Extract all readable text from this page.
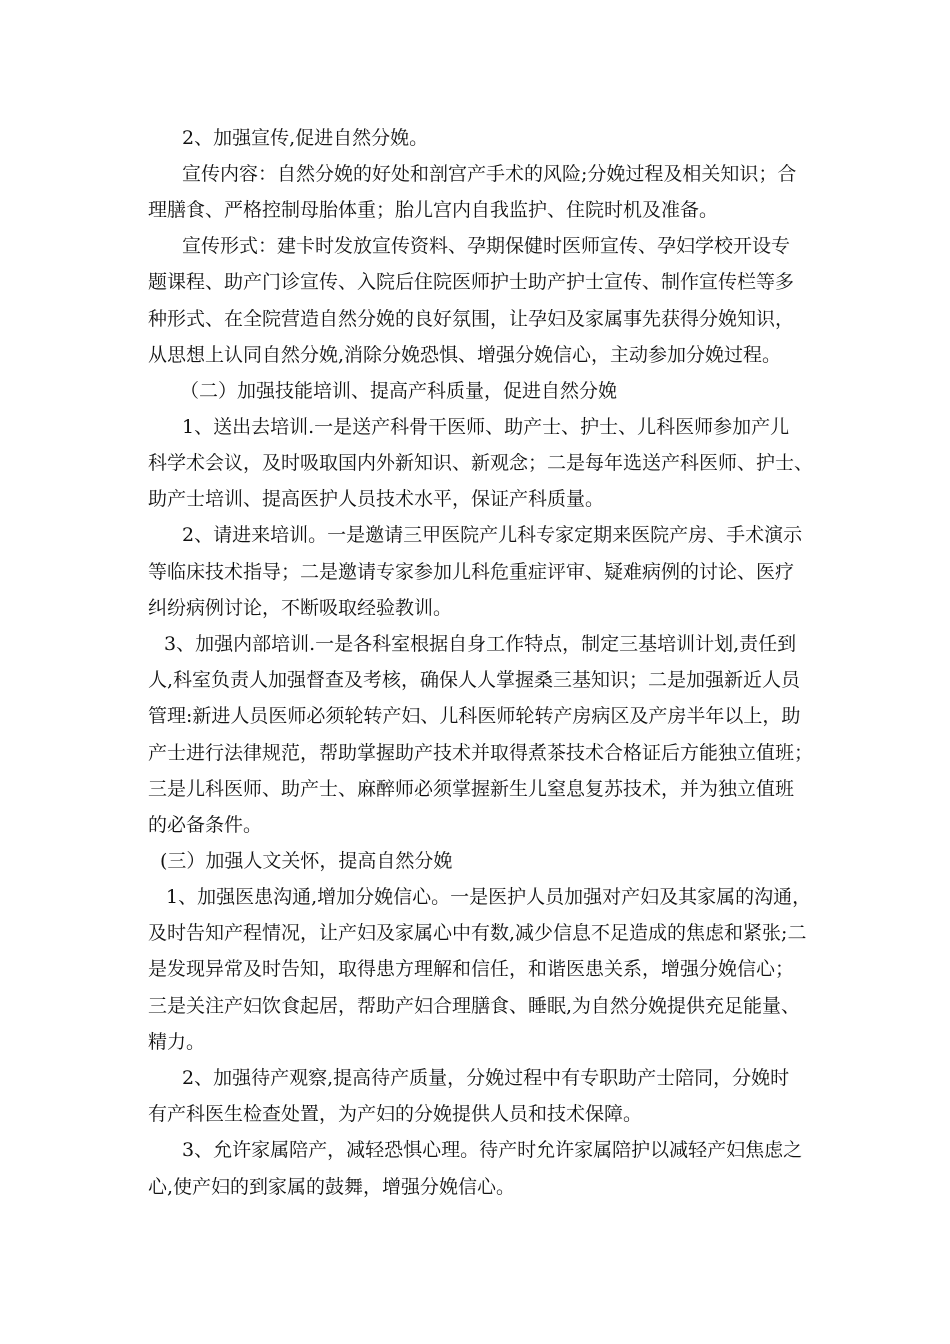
2、加强宣传,促进自然分娩。
宣传内容：自然分娩的好处和剖宫产手术的风险;分娩过程及相关知识；合
理膳食、严格控制母胎体重；胎儿宫内自我监护、住院时机及准备。
宣传形式：建卡时发放宣传资料、孕期保健时医师宣传、孕妇学校开设专
题课程、助产门诊宣传、入院后住院医师护士助产护士宣传、制作宣传栏等多
种形式、在全院营造自然分娩的良好氛围，让孕妇及家属事先获得分娩知识，
从思想上认同自然分娩,消除分娩恐惧、增强分娩信心，主动参加分娩过程。
（二）加强技能培训、提高产科质量，促进自然分娩
1、送出去培训.一是送产科骨干医师、助产士、护士、儿科医师参加产儿
科学术会议，及时吸取国内外新知识、新观念；二是每年选送产科医师、护士、
助产士培训、提高医护人员技术水平，保证产科质量。
2、请进来培训。一是邀请三甲医院产儿科专家定期来医院产房、手术演示
等临床技术指导；二是邀请专家参加儿科危重症评审、疑难病例的讨论、医疗
纠纷病例讨论，不断吸取经验教训。
3、加强内部培训.一是各科室根据自身工作特点，制定三基培训计划,责任到
人,科室负责人加强督查及考核，确保人人掌握桑三基知识；二是加强新近人员
管理:新进人员医师必须轮转产妇、儿科医师轮转产房病区及产房半年以上，助
产士进行法律规范，帮助掌握助产技术并取得煮茶技术合格证后方能独立值班；
三是儿科医师、助产士、麻醉师必须掌握新生儿窒息复苏技术，并为独立值班
的必备条件。
(三）加强人文关怀，提高自然分娩
1、加强医患沟通,增加分娩信心。一是医护人员加强对产妇及其家属的沟通，
及时告知产程情况，让产妇及家属心中有数,减少信息不足造成的焦虑和紧张;二
是发现异常及时告知，取得患方理解和信任，和谐医患关系，增强分娩信心；
三是关注产妇饮食起居，帮助产妇合理膳食、睡眠,为自然分娩提供充足能量、
精力。
2、加强待产观察,提高待产质量，分娩过程中有专职助产士陪同，分娩时
有产科医生检查处置，为产妇的分娩提供人员和技术保障。
3、允许家属陪产，减轻恐惧心理。待产时允许家属陪护以减轻产妇焦虑之
心,使产妇的到家属的鼓舞，增强分娩信心。
